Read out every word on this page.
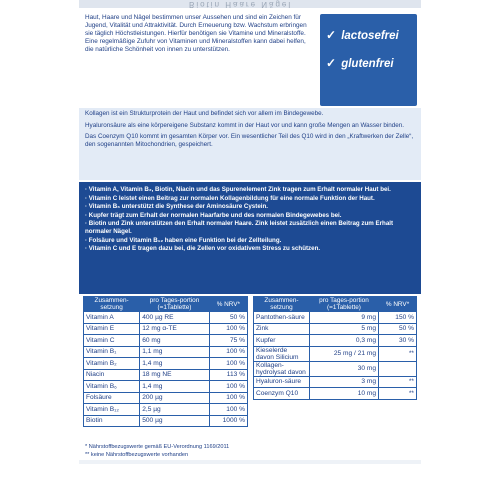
Biotin Haare Nägel
Haut, Haare und Nägel bestimmen unser Aussehen und sind ein Zeichen für Jugend, Vitalität und Attraktivität. Durch Erneuerung bzw. Wachstum erbringen sie täglich Höchstleistungen. Hierfür benötigen sie Vitamine und Mineralstoffe. Eine regelmäßige Zufuhr von Vitaminen und Mineralstoffen kann dabei helfen, die natürliche Schönheit von innen zu unterstützen.
✓ lactosefrei
✓ glutenfrei

Kollagen ist ein Strukturprotein der Haut und befindet sich vor allem im Bindegewebe.

Hyaluronsäure als eine körpereigene Substanz kommt in der Haut vor und kann große Mengen an Wasser binden.

Das Coenzym Q10 kommt im gesamten Körper vor. Ein wesentlicher Teil des Q10 wird in den „Kraftwerken der Zelle“, den sogenannten Mitochondrien, gespeichert.

· Vitamin A, Vitamin B₂, Biotin, Niacin und das Spurenelement Zink tragen zum Erhalt normaler Haut bei.
· Vitamin C leistet einen Beitrag zur normalen Kollagenbildung für eine normale Funktion der Haut.
· Vitamin B₆ unterstützt die Synthese der Aminosäure Cystein.
· Kupfer trägt zum Erhalt der normalen Haarfarbe und des normalen Bindegewebes bei.
· Biotin und Zink unterstützen den Erhalt normaler Haare. Zink leistet zusätzlich einen Beitrag zum Erhalt normaler Nägel.
· Folsäure und Vitamin B₁₂ haben eine Funktion bei der Zellteilung.
· Vitamin C und E tragen dazu bei, die Zellen vor oxidativem Stress zu schützen.
Zusammen-setzung	pro Tages-portion (=1Tablette)	% NRV*
Vitamin A	400 µg RE	50 %
Vitamin E	12 mg α-TE	100 %
Vitamin C	60 mg	75 %
Vitamin B₁	1,1 mg	100 %
Vitamin B₂	1,4 mg	100 %
Niacin	18 mg NE	113 %
Vitamin B₆	1,4 mg	100 %
Folsäure	200 µg	100 %
Vitamin B₁₂	2,5 µg	100 %
Biotin	500 µg	1000 %
Zusammen-setzung	pro Tages-portion (=1Tablette)	% NRV*
Pantothen-säure	9 mg	150 %
Zink	5 mg	50 %
Kupfer	0,3 mg	30 %
Kieselerde davon Silicium	25 mg / 21 mg	**
Kollagen-hydrolysat davon	30 mg	
Hyaluron-säure	3 mg	**
Coenzym Q10	10 mg	**
* Nährstoffbezugswerte gemäß EU-Verordnung 1169/2011
** keine Nährstoffbezugswerte vorhanden
